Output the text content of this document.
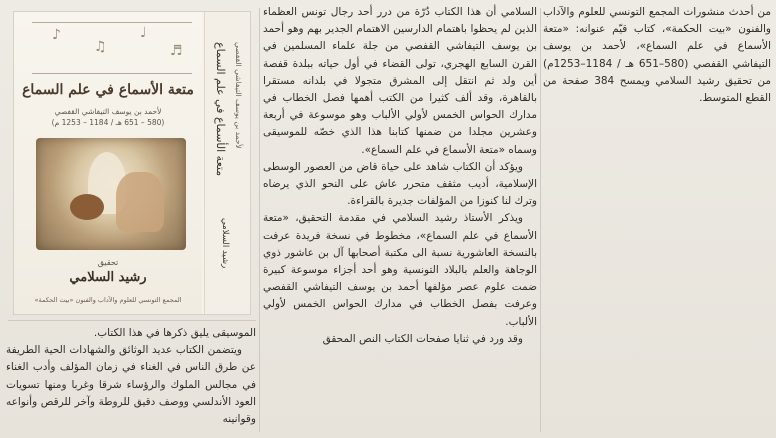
من أحدث منشورات المجمع التونسي للعلوم والآداب والفنون «بيت الحكمة»، كتاب قيّم عنوانه: «متعة الأسماع في علم السماع»، لأحمد بن يوسف التيفاشي القفصي (580–651 هـ / 1184–1253م) من تحقيق رشيد السلامي ويمسح 384 صفحة من القطع المتوسط.

السلامي أن هذا الكتاب دُرّة من درر أحد رجال تونس العظماء الذين لم يحظوا باهتمام الدارسين الاهتمام الجدير بهم وهو أحمد بن يوسف التيفاشي القفصي من جلة علماء المسلمين في القرن السابع الهجري، تولى القضاء في أول حياته ببلدة قفصة أين ولد ثم انتقل إلى المشرق متجولا في بلدانه مستقرا بالقاهرة، وقد ألف كثيرا من الكتب أهمها فصل الخطاب في مدارك الحواس الخمس لأولي الألباب وهو موسوعة في أربعة وعشرين مجلدا من ضمنها كتابنا هذا الذي خصّه للموسيقى وسماه «متعة الأسماع في علم السماع».

ويؤكد أن الكتاب شاهد على حياة قاض من العصور الوسطى الإسلامية، أديب مثقف متحرر عاش على النحو الذي يرضاه وترك لنا كنوزا من المؤلفات جديرة بالقراءة.

ويذكر الأستاذ رشيد السلامي في مقدمة التحقيق، «متعة الأسماع في علم السماع»، مخطوط في نسخة فريدة عرفت بالنسخة العاشورية نسبة الى مكتبة أصحابها آل بن عاشور ذوي الوجاهة والعلم بالبلاد التونسية وهو أحد أجزاء موسوعة كبيرة ضمت علوم عصر مؤلفها أحمد بن يوسف التيفاشي القفصي وعرفت بفصل الخطاب في مدارك الحواس الخمس لأولي الألباب.

وقد ورد في ثنايا صفحات الكتاب النص المحقق

الموسيقى يليق ذكرها في هذا الكتاب.

ويتضمن الكتاب عديد الوثائق والشهادات الحية الطريفة عن طرق الناس في الغناء في زمان المؤلف وأدب الغناء في مجالس الملوك والرؤساء شرقا وغربا ومنها تسويات العود الأندلسي ووصف دقيق للروطة وآخر للرقص وأنواعه وقوانينه

♪
♫
♩
♬
متعة الأسماع في علم السماع
لأحمد بن يوسف التيفاشي القفصي
(580 – 651 هـ / 1184 – 1253 م)
تحقيق
رشيد السلامي
المجمع التونسي للعلوم والآداب والفنون «بيت الحكمة»
متعة الأسماع في علم السماع لأحمد بن يوسف التيفاشي القفصي
رشيد السلامي
